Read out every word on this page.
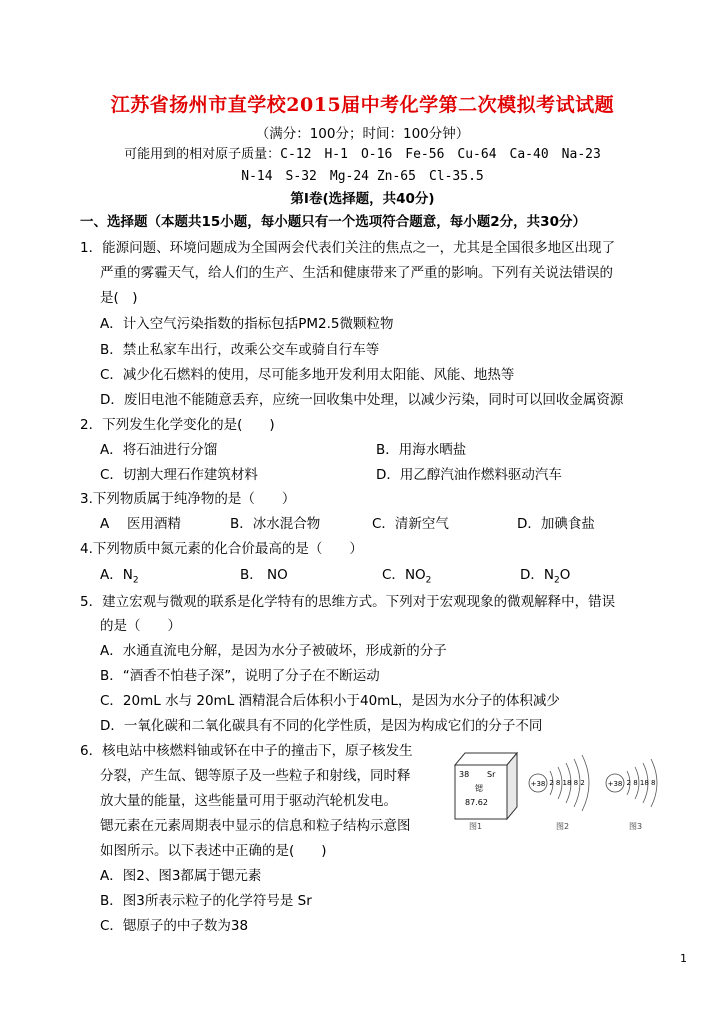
江苏省扬州市直学校2015届中考化学第二次模拟考试试题
（满分：100分；时间：100分钟）
可能用到的相对原子质量：C-12　H-1　O-16　Fe-56　Cu-64　Ca-40　Na-23
N-14　S-32　Mg-24 Zn-65　Cl-35.5
第Ⅰ卷(选择题，共40分)
一、选择题（本题共15小题，每小题只有一个选项符合题意，每小题2分，共30分）
1．能源问题、环境问题成为全国两会代表们关注的焦点之一，尤其是全国很多地区出现了
严重的雾霾天气，给人们的生产、生活和健康带来了严重的影响。下列有关说法错误的
是(　)
A．计入空气污染指数的指标包括PM2.5微颗粒物
B．禁止私家车出行，改乘公交车或骑自行车等
C．减少化石燃料的使用，尽可能多地开发利用太阳能、风能、地热等
D．废旧电池不能随意丢弃，应统一回收集中处理，以减少污染，同时可以回收金属资源
2．下列发生化学变化的是(　　)
A．将石油进行分馏	B．用海水晒盐
C．切割大理石作建筑材料	D．用乙醇汽油作燃料驱动汽车
3.下列物质属于纯净物的是（　　）
A　 医用酒精	B．冰水混合物	C．清新空气	D．加碘食盐
4.下列物质中氮元素的化合价最高的是（　　）
A．$N_2$	B． NO	C．$NO_2$	D．$N_2O$
5．建立宏观与微观的联系是化学特有的思维方式。下列对于宏观现象的微观解释中，错误
的是（　　）
A．水通直流电分解，是因为水分子被破坏，形成新的分子
B．“酒香不怕巷子深”，说明了分子在不断运动
C．20mL 水与 20mL 酒精混合后体积小于40mL，是因为水分子的体积减少
D．一氧化碳和二氧化碳具有不同的化学性质，是因为构成它们的分子不同
6．核电站中核燃料铀或钚在中子的撞击下，原子核发生
分裂，产生氙、锶等原子及一些粒子和射线，同时释
放大量的能量，这些能量可用于驱动汽轮机发电。
锶元素在元素周期表中显示的信息和粒子结构示意图
如图所示。以下表述中正确的是(　　)
A．图2、图3都属于锶元素
B．图3所表示粒子的化学符号是 Sr
C．锶原子的中子数为38
38 Sr
锶
87.62
图1
+38 2 8 18 8 2
图2
+38 2 8 18 8
图3
1
